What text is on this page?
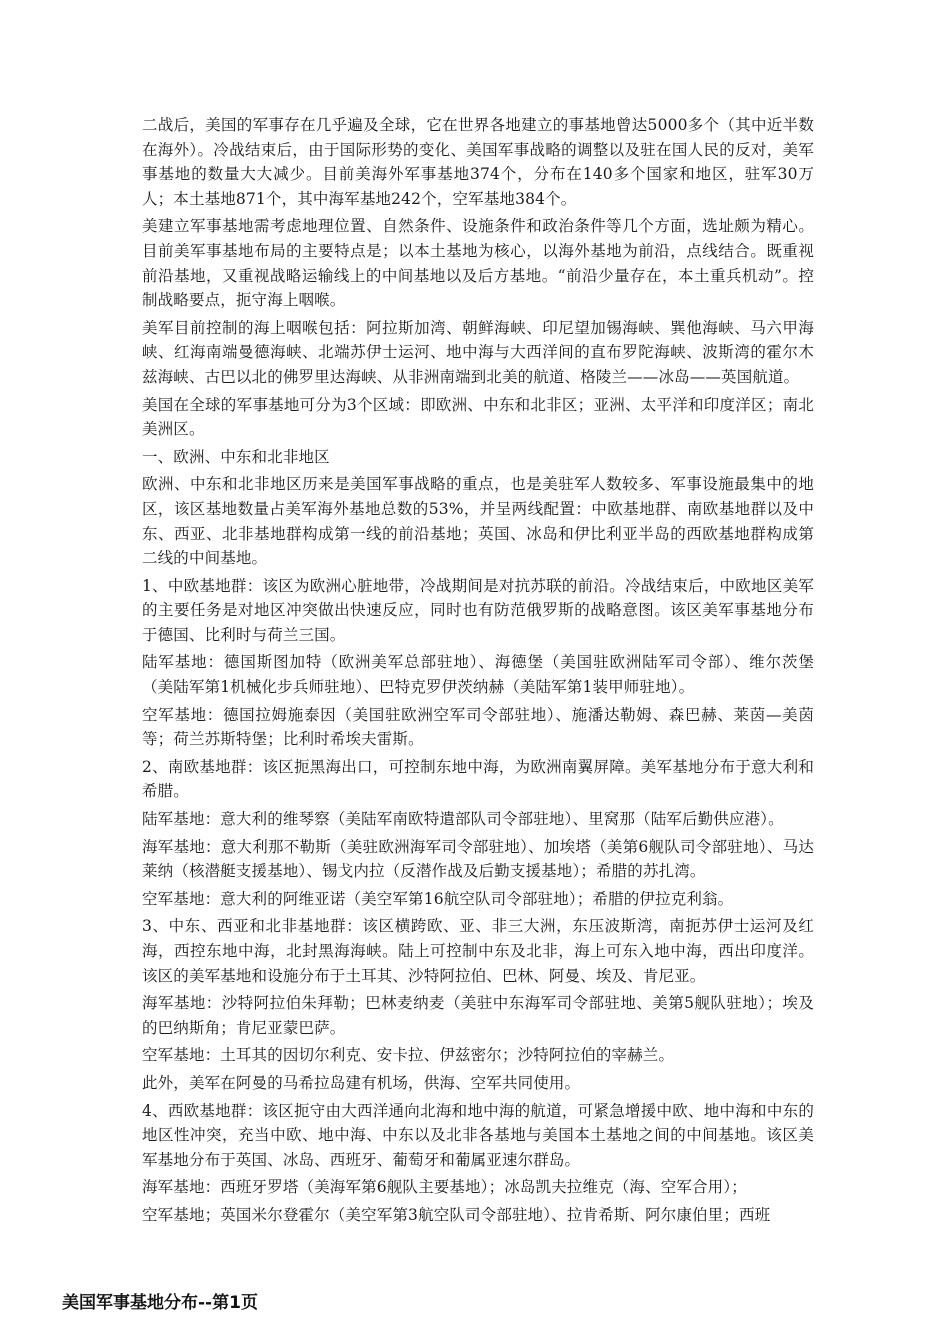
二战后，美国的军事存在几乎遍及全球，它在世界各地建立的事基地曾达5000多个（其中近半数在海外）。冷战结束后，由于国际形势的变化、美国军事战略的调整以及驻在国人民的反对，美军事基地的数量大大减少。目前美海外军事基地374个，分布在140多个国家和地区，驻军30万人；本土基地871个，其中海军基地242个，空军基地384个。

美建立军事基地需考虑地理位置、自然条件、设施条件和政治条件等几个方面，选址颇为精心。目前美军事基地布局的主要特点是；以本土基地为核心，以海外基地为前沿，点线结合。既重视前沿基地，又重视战略运输线上的中间基地以及后方基地。“前沿少量存在，本土重兵机动”。控制战略要点，扼守海上咽喉。

美军目前控制的海上咽喉包括：阿拉斯加湾、朝鲜海峡、印尼望加锡海峡、巽他海峡、马六甲海峡、红海南端曼德海峡、北端苏伊士运河、地中海与大西洋间的直布罗陀海峡、波斯湾的霍尔木兹海峡、古巴以北的佛罗里达海峡、从非洲南端到北美的航道、格陵兰——冰岛——英国航道。

美国在全球的军事基地可分为3个区域：即欧洲、中东和北非区；亚洲、太平洋和印度洋区；南北美洲区。

一、欧洲、中东和北非地区

欧洲、中东和北非地区历来是美国军事战略的重点，也是美驻军人数较多、军事设施最集中的地区，该区基地数量占美军海外基地总数的53%，并呈两线配置：中欧基地群、南欧基地群以及中东、西亚、北非基地群构成第一线的前沿基地；英国、冰岛和伊比利亚半岛的西欧基地群构成第二线的中间基地。

1、中欧基地群：该区为欧洲心脏地带，冷战期间是对抗苏联的前沿。冷战结束后，中欧地区美军的主要任务是对地区冲突做出快速反应，同时也有防范俄罗斯的战略意图。该区美军事基地分布于德国、比利时与荷兰三国。

陆军基地：德国斯图加特（欧洲美军总部驻地）、海德堡（美国驻欧洲陆军司令部）、维尔茨堡（美陆军第1机械化步兵师驻地）、巴特克罗伊茨纳赫（美陆军第1装甲师驻地）。

空军基地：德国拉姆施泰因（美国驻欧洲空军司令部驻地）、施潘达勒姆、森巴赫、莱茵—美茵等；荷兰苏斯特堡；比利时希埃夫雷斯。

2、南欧基地群：该区扼黑海出口，可控制东地中海，为欧洲南翼屏障。美军基地分布于意大利和希腊。

陆军基地：意大利的维琴察（美陆军南欧特遣部队司令部驻地）、里窝那（陆军后勤供应港）。

海军基地：意大利那不勒斯（美驻欧洲海军司令部驻地）、加埃塔（美第6舰队司令部驻地）、马达莱纳（核潜艇支援基地）、锡戈内拉（反潜作战及后勤支援基地）；希腊的苏扎湾。

空军基地：意大利的阿维亚诺（美空军第16航空队司令部驻地）；希腊的伊拉克利翁。

3、中东、西亚和北非基地群：该区横跨欧、亚、非三大洲，东压波斯湾，南扼苏伊士运河及红海，西控东地中海，北封黑海海峡。陆上可控制中东及北非，海上可东入地中海，西出印度洋。该区的美军基地和设施分布于土耳其、沙特阿拉伯、巴林、阿曼、埃及、肯尼亚。

海军基地：沙特阿拉伯朱拜勒；巴林麦纳麦（美驻中东海军司令部驻地、美第5舰队驻地）；埃及的巴纳斯角；肯尼亚蒙巴萨。

空军基地：土耳其的因切尔利克、安卡拉、伊兹密尔；沙特阿拉伯的宰赫兰。

此外，美军在阿曼的马希拉岛建有机场，供海、空军共同使用。

4、西欧基地群：该区扼守由大西洋通向北海和地中海的航道，可紧急增援中欧、地中海和中东的地区性冲突，充当中欧、地中海、中东以及北非各基地与美国本土基地之间的中间基地。该区美军基地分布于英国、冰岛、西班牙、葡萄牙和葡属亚速尔群岛。

海军基地：西班牙罗塔（美海军第6舰队主要基地）；冰岛凯夫拉维克（海、空军合用）；

空军基地；英国米尔登霍尔（美空军第3航空队司令部驻地）、拉肯希斯、阿尔康伯里；西班

美国军事基地分布--第1页
